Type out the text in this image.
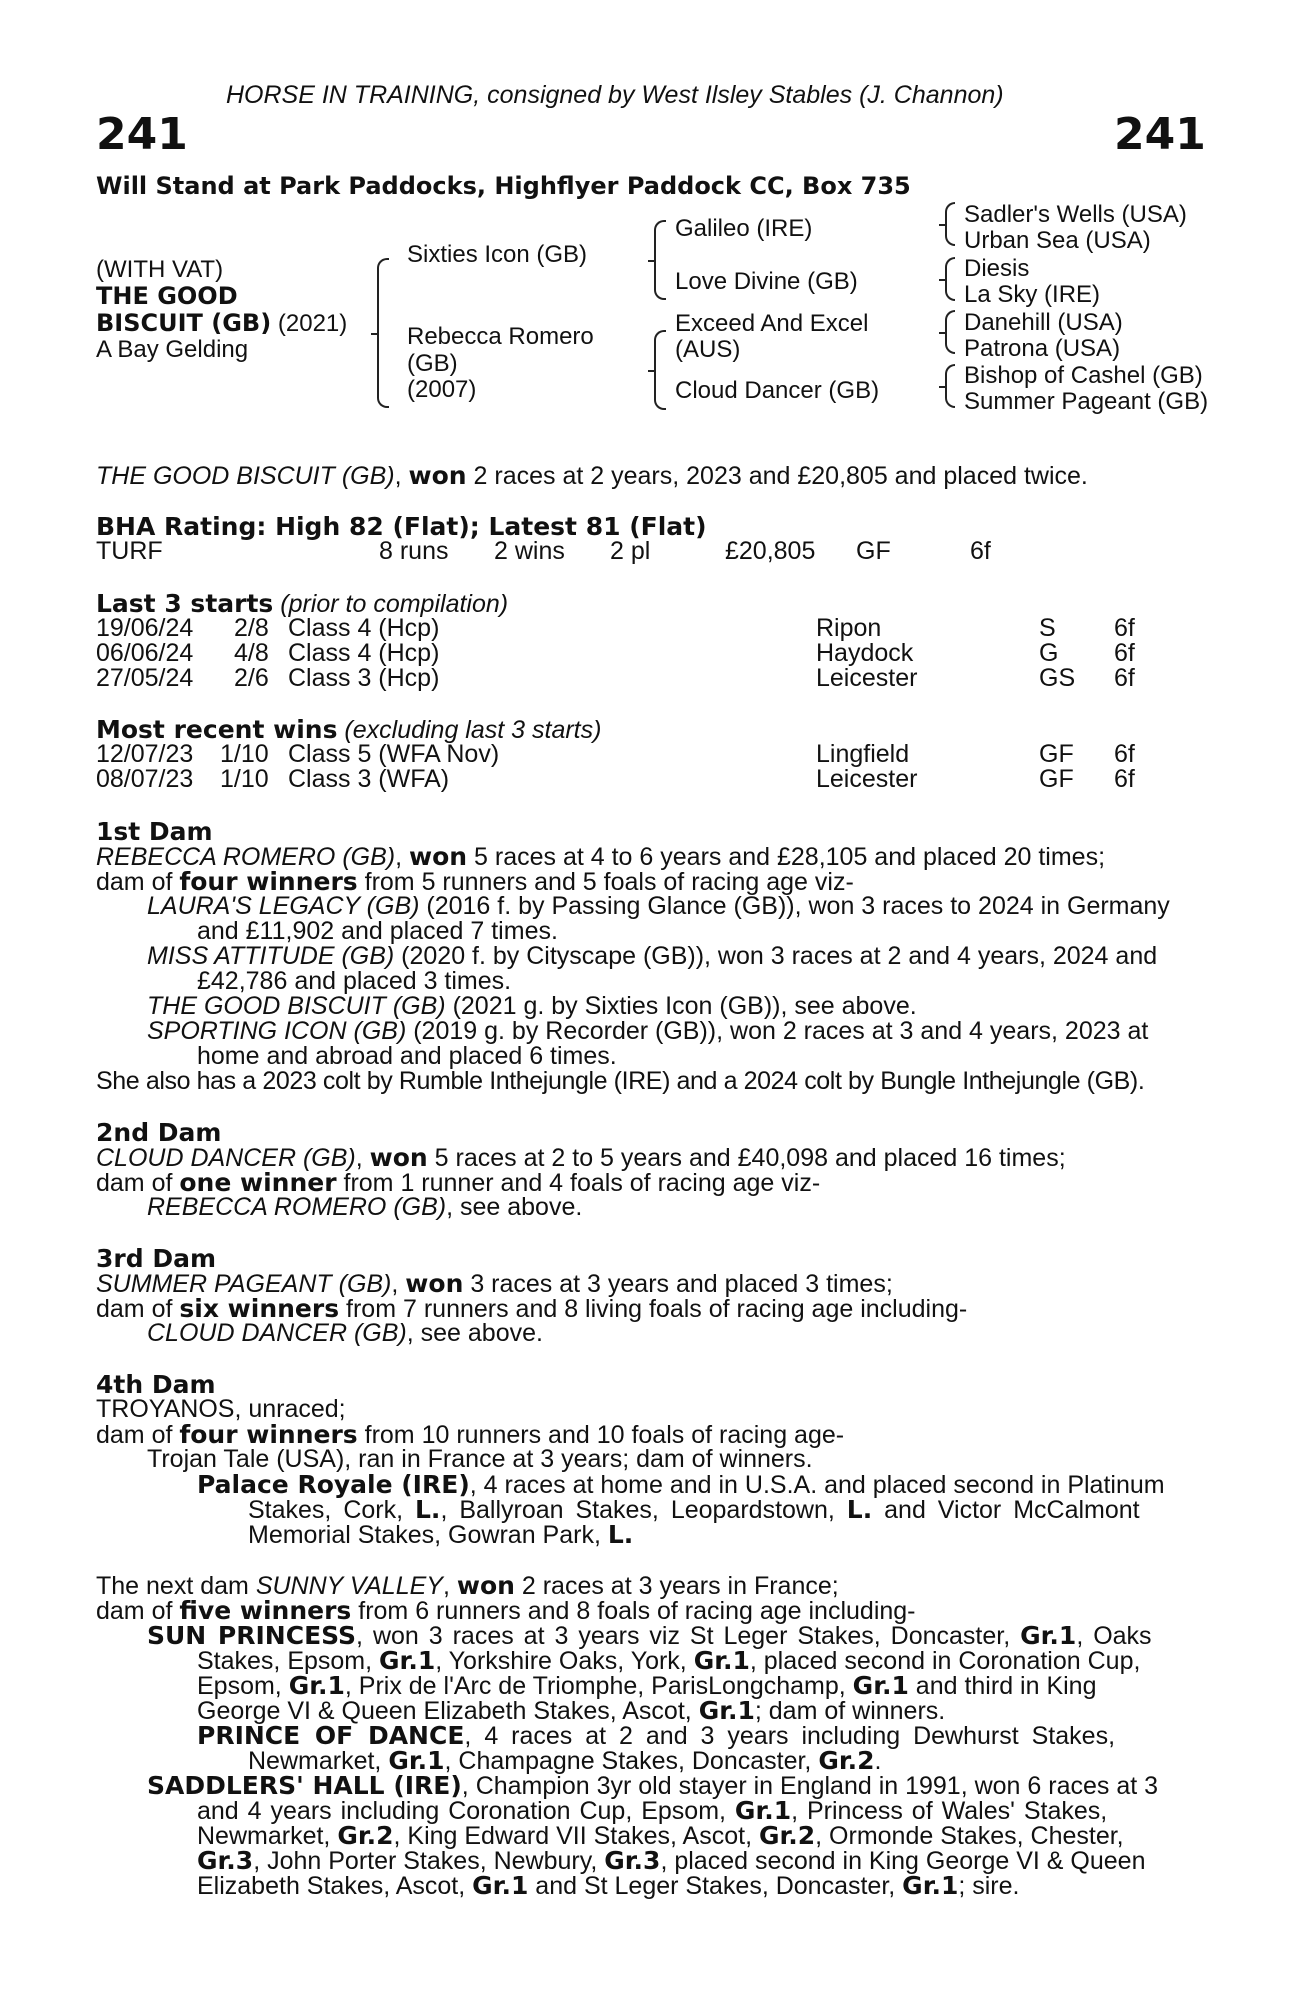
HORSE IN TRAINING, consigned by West Ilsley Stables (J. Channon)
241	241
Will Stand at Park Paddocks, Highflyer Paddock CC, Box 735
(WITH VAT)
THE GOOD
BISCUIT (GB) (2021)
A Bay Gelding
Sixties Icon (GB)
Rebecca Romero
(GB)
(2007)
Galileo (IRE)
Love Divine (GB)
Exceed And Excel
(AUS)
Cloud Dancer (GB)
Sadler's Wells (USA)
Urban Sea (USA)
Diesis
La Sky (IRE)
Danehill (USA)
Patrona (USA)
Bishop of Cashel (GB)
Summer Pageant (GB)
THE GOOD BISCUIT (GB), won 2 races at 2 years, 2023 and £20,805 and placed twice.
BHA Rating: High 82 (Flat); Latest 81 (Flat)
TURF	8 runs 2 wins 2 pl	£20,805 GF	6f
Last 3 starts (prior to compilation)
19/06/24 2/8 Class 4 (Hcp)	Ripon	S 6f
06/06/24 4/8 Class 4 (Hcp)	Haydock	G 6f
27/05/24 2/6 Class 3 (Hcp)	Leicester	GS 6f
Most recent wins (excluding last 3 starts)
12/07/23 1/10 Class 5 (WFA Nov)	Lingfield	GF 6f
08/07/23 1/10 Class 3 (WFA)	Leicester	GF 6f
1st Dam
REBECCA ROMERO (GB), won 5 races at 4 to 6 years and £28,105 and placed 20 times;
dam of four winners from 5 runners and 5 foals of racing age viz-
LAURA'S LEGACY (GB) (2016 f. by Passing Glance (GB)), won 3 races to 2024 in Germany
and £11,902 and placed 7 times.
MISS ATTITUDE (GB) (2020 f. by Cityscape (GB)), won 3 races at 2 and 4 years, 2024 and
£42,786 and placed 3 times.
THE GOOD BISCUIT (GB) (2021 g. by Sixties Icon (GB)), see above.
SPORTING ICON (GB) (2019 g. by Recorder (GB)), won 2 races at 3 and 4 years, 2023 at
home and abroad and placed 6 times.
She also has a 2023 colt by Rumble Inthejungle (IRE) and a 2024 colt by Bungle Inthejungle (GB).
2nd Dam
CLOUD DANCER (GB), won 5 races at 2 to 5 years and £40,098 and placed 16 times;
dam of one winner from 1 runner and 4 foals of racing age viz-
REBECCA ROMERO (GB), see above.
3rd Dam
SUMMER PAGEANT (GB), won 3 races at 3 years and placed 3 times;
dam of six winners from 7 runners and 8 living foals of racing age including-
CLOUD DANCER (GB), see above.
4th Dam
TROYANOS, unraced;
dam of four winners from 10 runners and 10 foals of racing age-
Trojan Tale (USA), ran in France at 3 years; dam of winners.
Palace Royale (IRE), 4 races at home and in U.S.A. and placed second in Platinum
Stakes, Cork, L., Ballyroan Stakes, Leopardstown, L. and Victor McCalmont
Memorial Stakes, Gowran Park, L.
The next dam SUNNY VALLEY, won 2 races at 3 years in France;
dam of five winners from 6 runners and 8 foals of racing age including-
SUN PRINCESS, won 3 races at 3 years viz St Leger Stakes, Doncaster, Gr.1, Oaks
Stakes, Epsom, Gr.1, Yorkshire Oaks, York, Gr.1, placed second in Coronation Cup,
Epsom, Gr.1, Prix de l'Arc de Triomphe, ParisLongchamp, Gr.1 and third in King
George VI & Queen Elizabeth Stakes, Ascot, Gr.1; dam of winners.
PRINCE OF DANCE, 4 races at 2 and 3 years including Dewhurst Stakes,
Newmarket, Gr.1, Champagne Stakes, Doncaster, Gr.2.
SADDLERS' HALL (IRE), Champion 3yr old stayer in England in 1991, won 6 races at 3
and 4 years including Coronation Cup, Epsom, Gr.1, Princess of Wales' Stakes,
Newmarket, Gr.2, King Edward VII Stakes, Ascot, Gr.2, Ormonde Stakes, Chester,
Gr.3, John Porter Stakes, Newbury, Gr.3, placed second in King George VI & Queen
Elizabeth Stakes, Ascot, Gr.1 and St Leger Stakes, Doncaster, Gr.1; sire.
